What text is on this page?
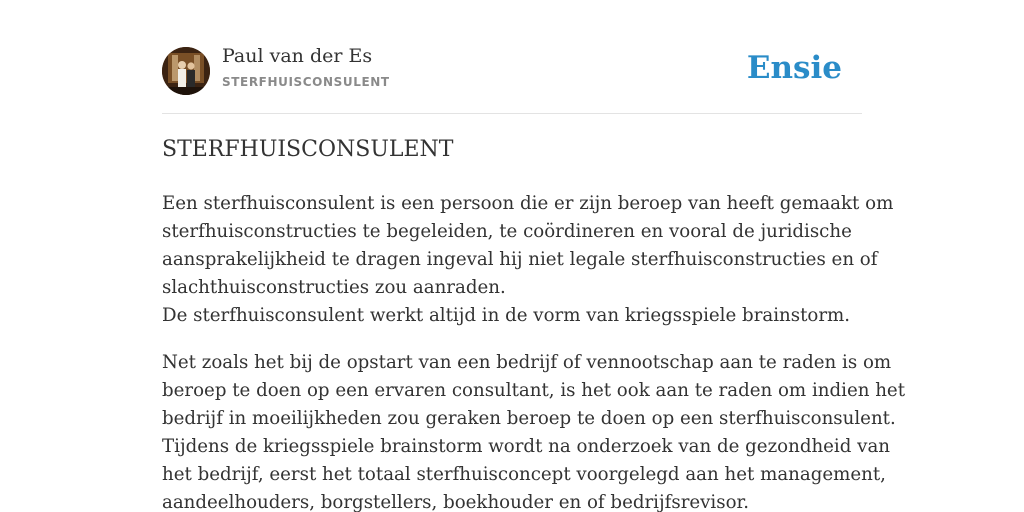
Paul van der Es
STERFHUISCONSULENT	Ensie
STERFHUISCONSULENT

Een sterfhuisconsulent is een persoon die er zijn beroep van heeft gemaakt om
sterfhuisconstructies te begeleiden, te coördineren en vooral de juridische
aansprakelijkheid te dragen ingeval hij niet legale sterfhuisconstructies en of
slachthuisconstructies zou aanraden.
De sterfhuisconsulent werkt altijd in de vorm van kriegsspiele brainstorm.

Net zoals het bij de opstart van een bedrijf of vennootschap aan te raden is om
beroep te doen op een ervaren consultant, is het ook aan te raden om indien het
bedrijf in moeilijkheden zou geraken beroep te doen op een sterfhuisconsulent.
Tijdens de kriegsspiele brainstorm wordt na onderzoek van de gezondheid van
het bedrijf, eerst het totaal sterfhuisconcept voorgelegd aan het management,
aandeelhouders, borgstellers, boekhouder en of bedrijfsrevisor.
